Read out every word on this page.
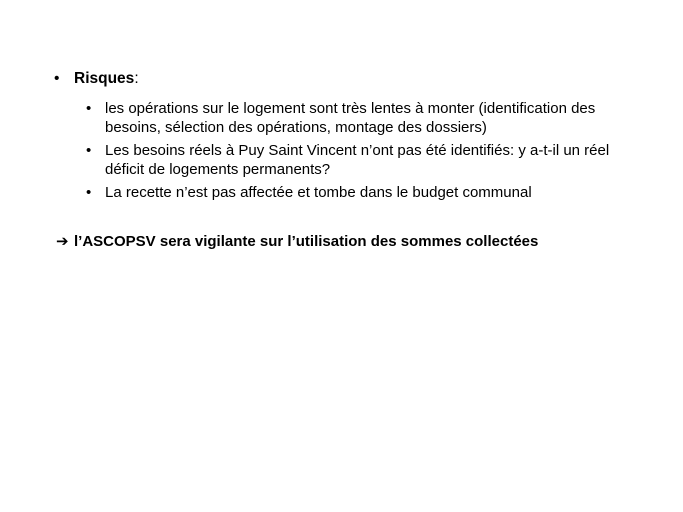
• Risques:
• les opérations sur le logement sont très lentes à monter (identification des besoins, sélection des opérations, montage des dossiers)
• Les besoins réels à Puy Saint Vincent n’ont pas été identifiés: y a-t-il un réel déficit de logements permanents?
• La recette n’est pas affectée et tombe dans le budget communal
➔ l’ASCOPSV sera vigilante sur l’utilisation des sommes collectées
